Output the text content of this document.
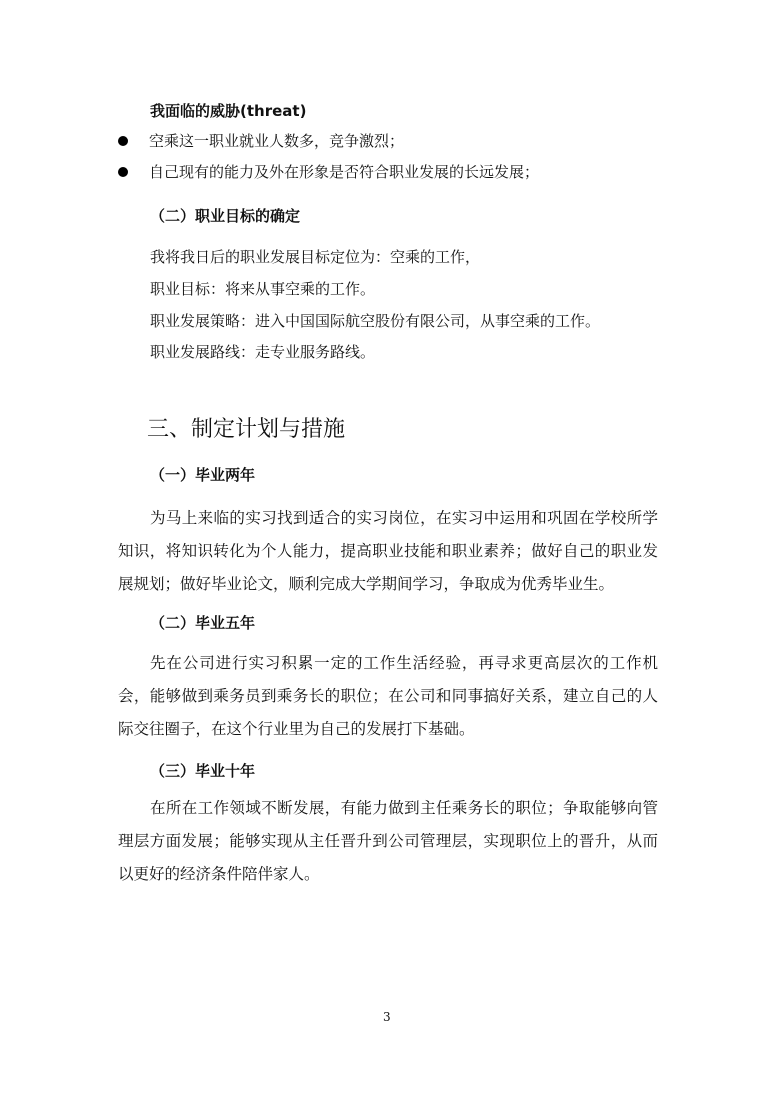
我面临的威胁(threat)
空乘这一职业就业人数多，竞争激烈；
自己现有的能力及外在形象是否符合职业发展的长远发展；
（二）职业目标的确定
我将我日后的职业发展目标定位为：空乘的工作，
职业目标：将来从事空乘的工作。
职业发展策略：进入中国国际航空股份有限公司，从事空乘的工作。
职业发展路线：走专业服务路线。
三、制定计划与措施
（一）毕业两年
为马上来临的实习找到适合的实习岗位，在实习中运用和巩固在学校所学知识，将知识转化为个人能力，提高职业技能和职业素养；做好自己的职业发展规划；做好毕业论文，顺利完成大学期间学习，争取成为优秀毕业生。
（二）毕业五年
先在公司进行实习积累一定的工作生活经验，再寻求更高层次的工作机会，能够做到乘务员到乘务长的职位；在公司和同事搞好关系，建立自己的人际交往圈子，在这个行业里为自己的发展打下基础。
（三）毕业十年
在所在工作领域不断发展，有能力做到主任乘务长的职位；争取能够向管理层方面发展；能够实现从主任晋升到公司管理层，实现职位上的晋升，从而以更好的经济条件陪伴家人。
3
